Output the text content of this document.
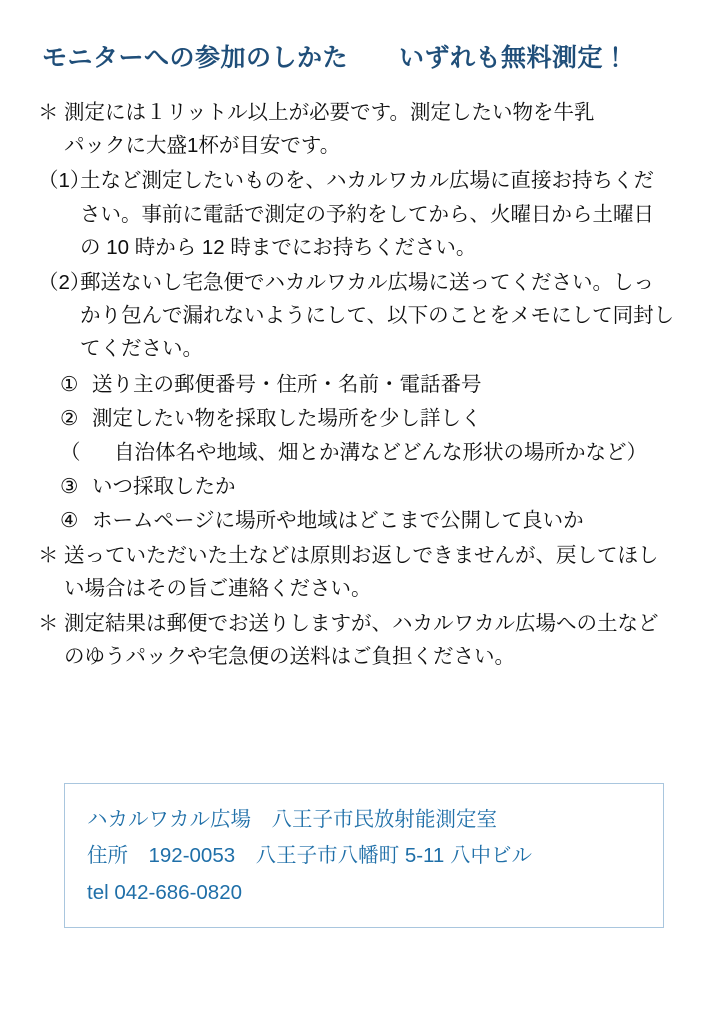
モニターへの参加のしかた　　いずれも無料測定！
＊ 測定には１リットル以上が必要です。測定したい物を牛乳

パックに大盛1杯が目安です。

（1）

土など測定したいものを、ハカルワカル広場に直接お持ちくだ

さい。事前に電話で測定の予約をしてから、火曜日から土曜日

の 10 時から 12 時までにお持ちください。

（2）

郵送ないし宅急便でハカルワカル広場に送ってください。しっ

かり包んで漏れないようにして、以下のことをメモにして同封し

てください。

① 送り主の郵便番号・住所・名前・電話番号

② 測定したい物を採取した場所を少し詳しく

（	自治体名や地域、畑とか溝などどんな形状の場所かなど）

③ いつ採取したか

④ ホームページに場所や地域はどこまで公開して良いか

＊ 送っていただいた土などは原則お返しできませんが、戻してほし

い場合はその旨ご連絡ください。

＊ 測定結果は郵便でお送りしますが、ハカルワカル広場への土など

のゆうパックや宅急便の送料はご負担ください。

ハカルワカル広場　八王子市民放射能測定室
住所　192-0053　八王子市八幡町 5-11 八中ビル
tel 042-686-0820
